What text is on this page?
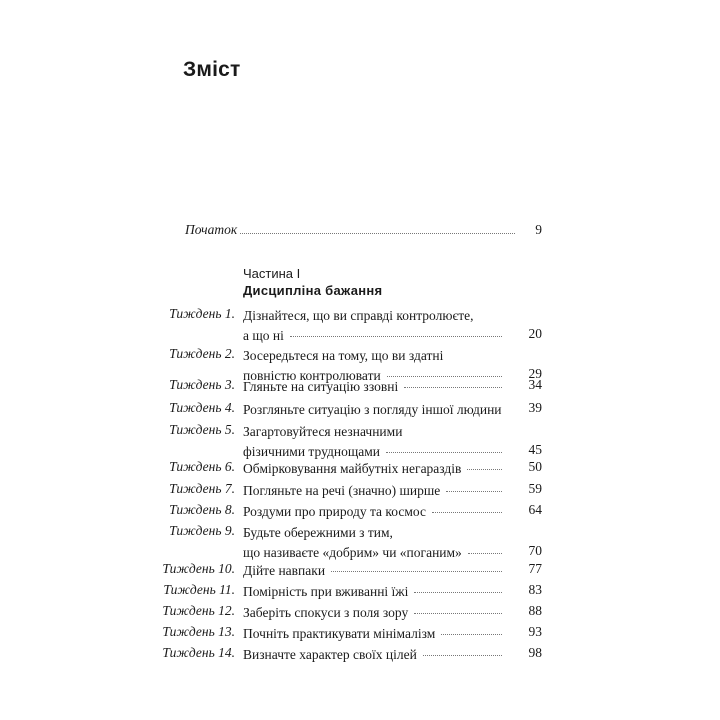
Зміст
Початок	9
Частина I
Дисципліна бажання
Тиждень 1. Дізнайтеся, що ви справді контролюєте,
а що ні	20
Тиждень 2. Зосередьтеся на тому, що ви здатні
повністю контролювати	29
Тиждень 3. Гляньте на ситуацію ззовні	34
Тиждень 4. Розгляньте ситуацію з погляду іншої людини 39
Тиждень 5. Загартовуйтеся незначними
фізичними труднощами	45
Тиждень 6. Обмірковування майбутніх негараздів	50
Тиждень 7. Погляньте на речі (значно) ширше	59
Тиждень 8. Роздуми про природу та космос	64
Тиждень 9. Будьте обережними з тим,
що називаєте «добрим» чи «поганим»	70
Тиждень 10. Дійте навпаки	77
Тиждень 11. Помірність при вживанні їжі	83
Тиждень 12. Заберіть спокуси з поля зору	88
Тиждень 13. Почніть практикувати мінімалізм	93
Тиждень 14. Визначте характер своїх цілей	98
